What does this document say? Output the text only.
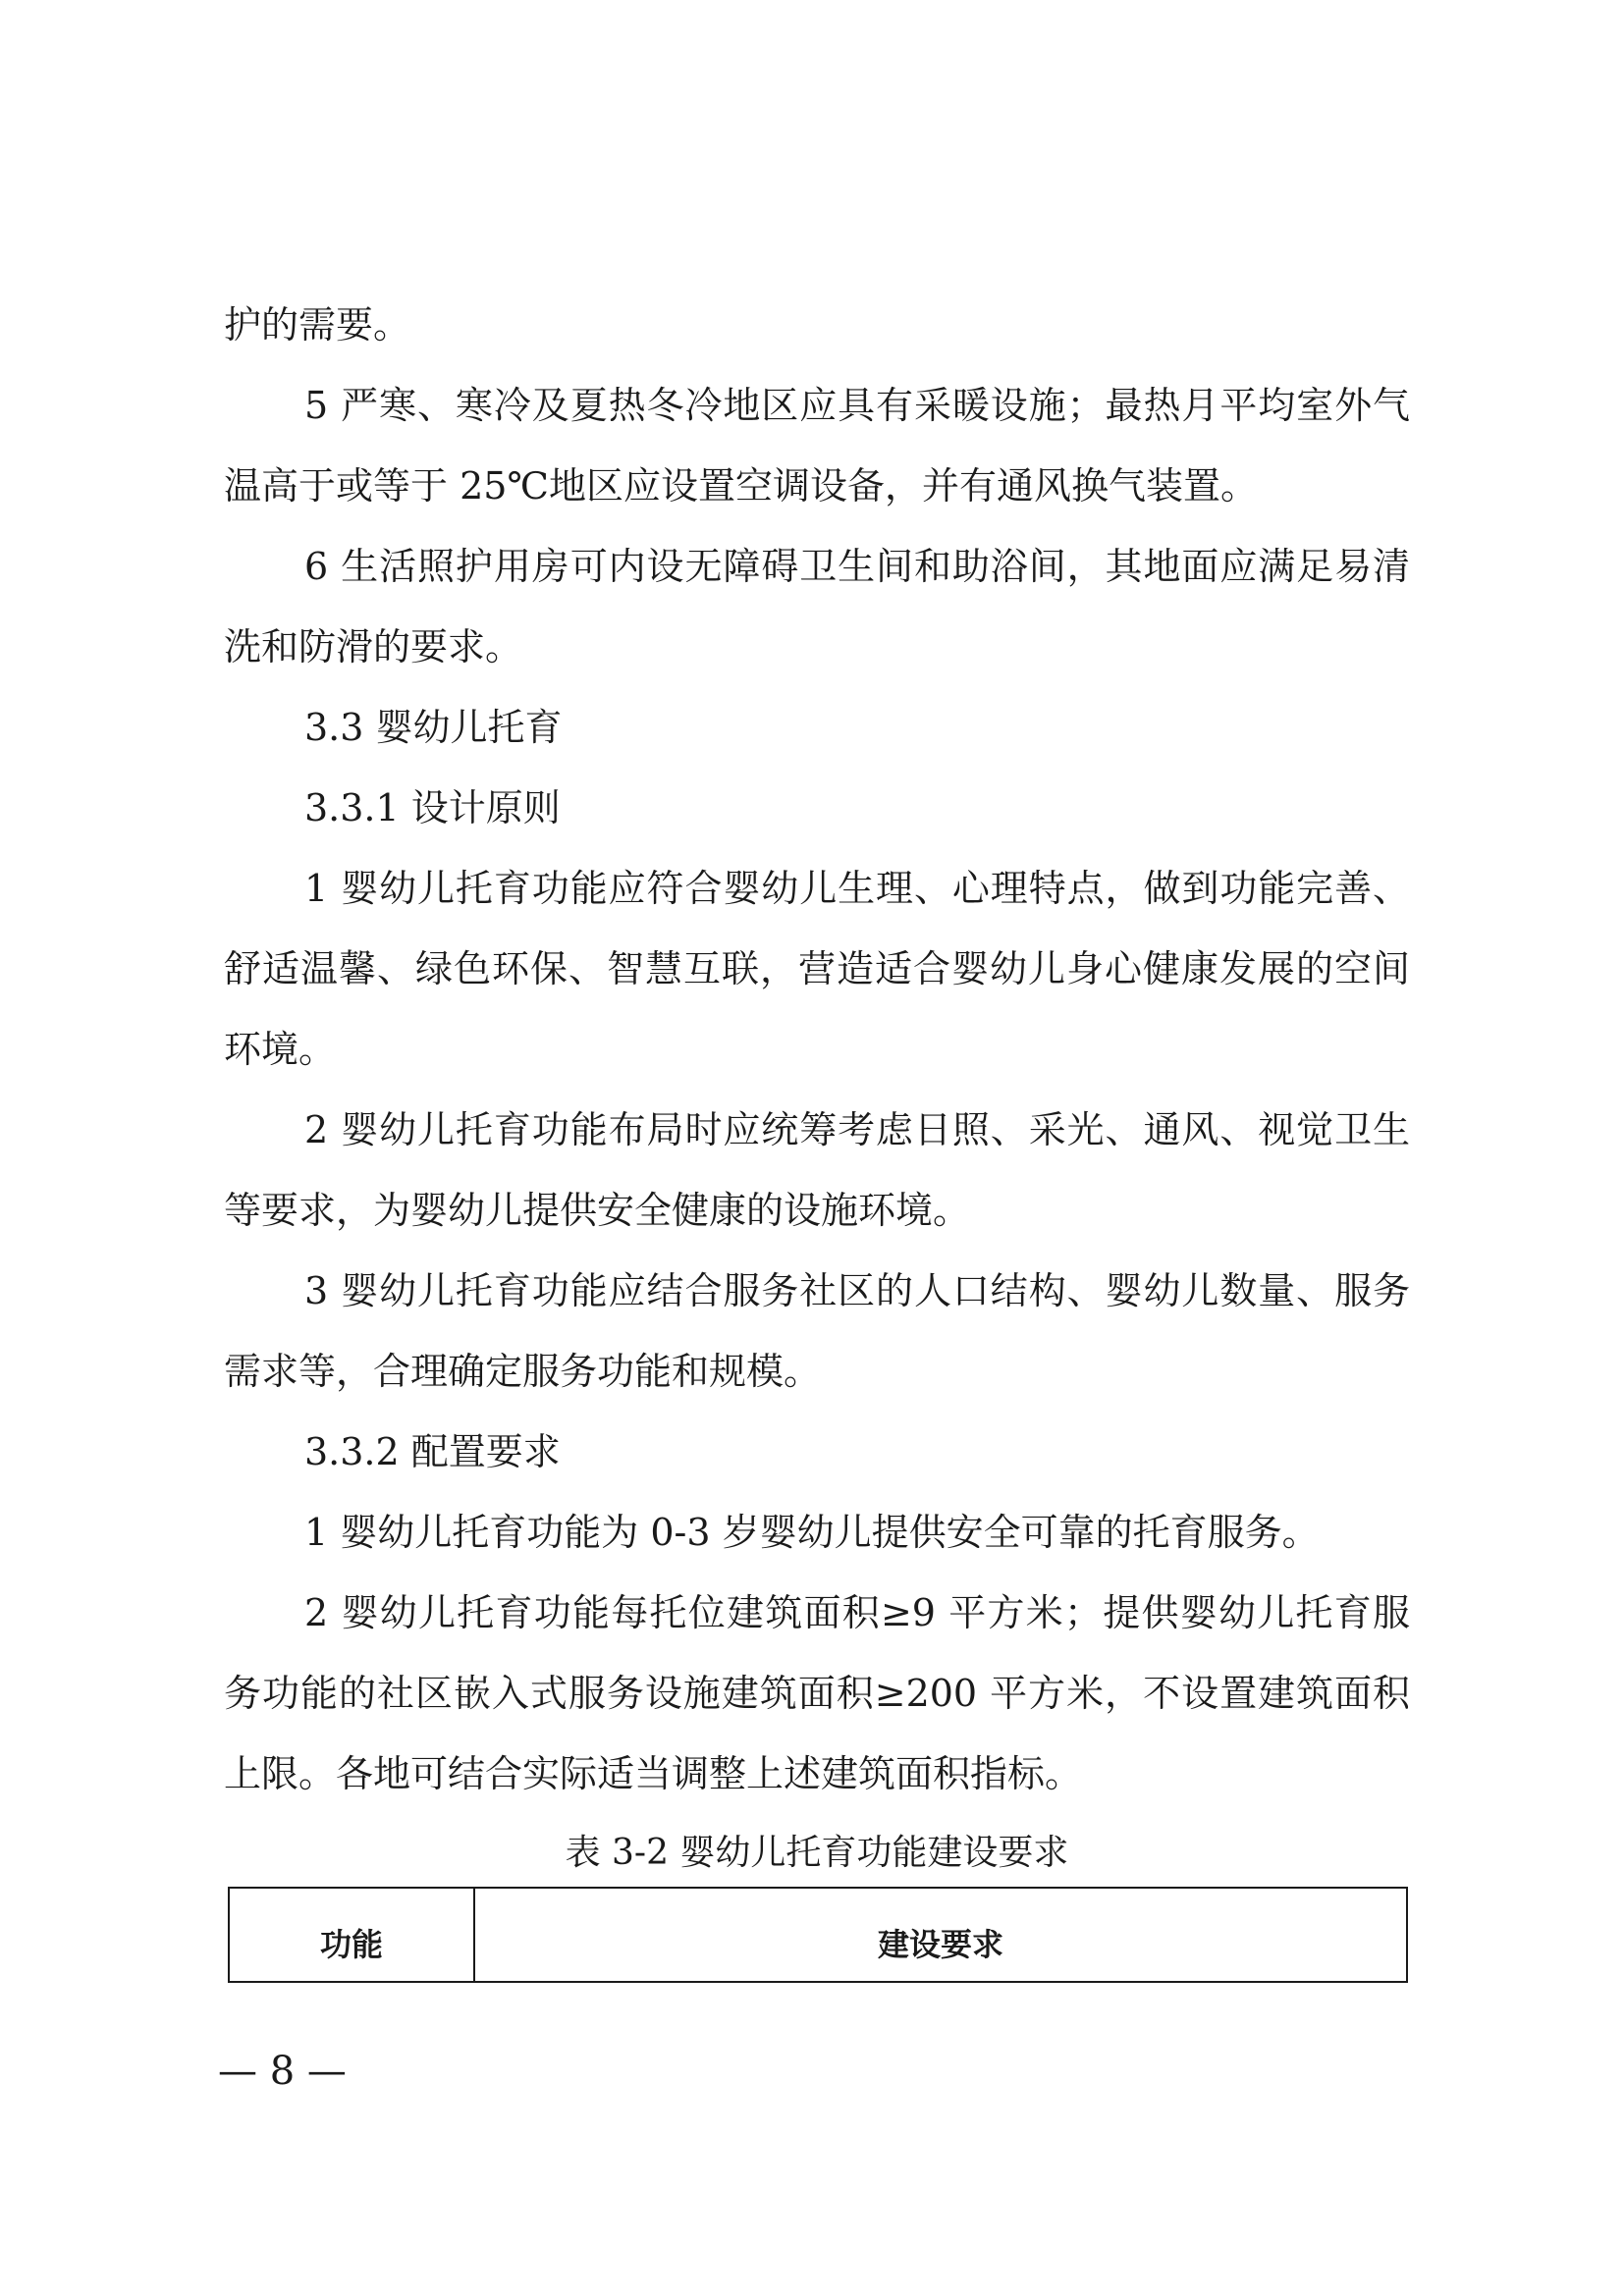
护的需要。

5 严寒、寒冷及夏热冬冷地区应具有采暖设施；最热月平均室外气温高于或等于 25℃地区应设置空调设备，并有通风换气装置。

6 生活照护用房可内设无障碍卫生间和助浴间，其地面应满足易清洗和防滑的要求。

3.3 婴幼儿托育

3.3.1 设计原则

1 婴幼儿托育功能应符合婴幼儿生理、心理特点，做到功能完善、舒适温馨、绿色环保、智慧互联，营造适合婴幼儿身心健康发展的空间环境。

2 婴幼儿托育功能布局时应统筹考虑日照、采光、通风、视觉卫生等要求，为婴幼儿提供安全健康的设施环境。

3 婴幼儿托育功能应结合服务社区的人口结构、婴幼儿数量、服务需求等，合理确定服务功能和规模。

3.3.2 配置要求

1 婴幼儿托育功能为 0-3 岁婴幼儿提供安全可靠的托育服务。

2 婴幼儿托育功能每托位建筑面积≥9 平方米；提供婴幼儿托育服务功能的社区嵌入式服务设施建筑面积≥200 平方米，不设置建筑面积上限。各地可结合实际适当调整上述建筑面积指标。

表 3-2 婴幼儿托育功能建设要求
功能	建设要求
— 8 —
